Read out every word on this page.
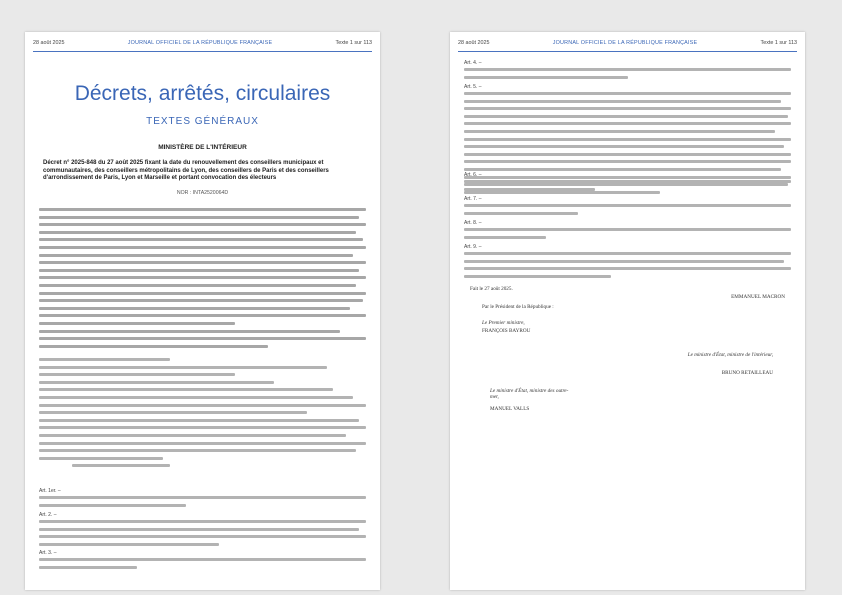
28 août 2025	JOURNAL OFFICIEL DE LA RÉPUBLIQUE FRANÇAISE	Texte 1 sur 113
Décrets, arrêtés, circulaires
TEXTES GÉNÉRAUX
MINISTÈRE DE L'INTÉRIEUR
Décret n° 2025-848 du 27 août 2025 fixant la date du renouvellement des conseillers municipaux et communautaires, des conseillers métropolitains de Lyon, des conseillers de Paris et des conseillers d'arrondissement de Paris, Lyon et Marseille et portant convocation des électeurs
NOR : INTA2520064D
Art. 1er. –
Art. 2. –
Art. 3. –
28 août 2025	JOURNAL OFFICIEL DE LA RÉPUBLIQUE FRANÇAISE	Texte 1 sur 113
Art. 4. –
Art. 5. –
Art. 6. –
Art. 7. –
Art. 8. –
Art. 9. –
Fait le 27 août 2025.
EMMANUEL MACRON
Par le Président de la République :
Le Premier ministre,
FRANÇOIS BAYROU
Le ministre d'État, ministre de l'intérieur,
BRUNO RETAILLEAU
Le ministre d'État, ministre des outre-mer,
MANUEL VALLS
